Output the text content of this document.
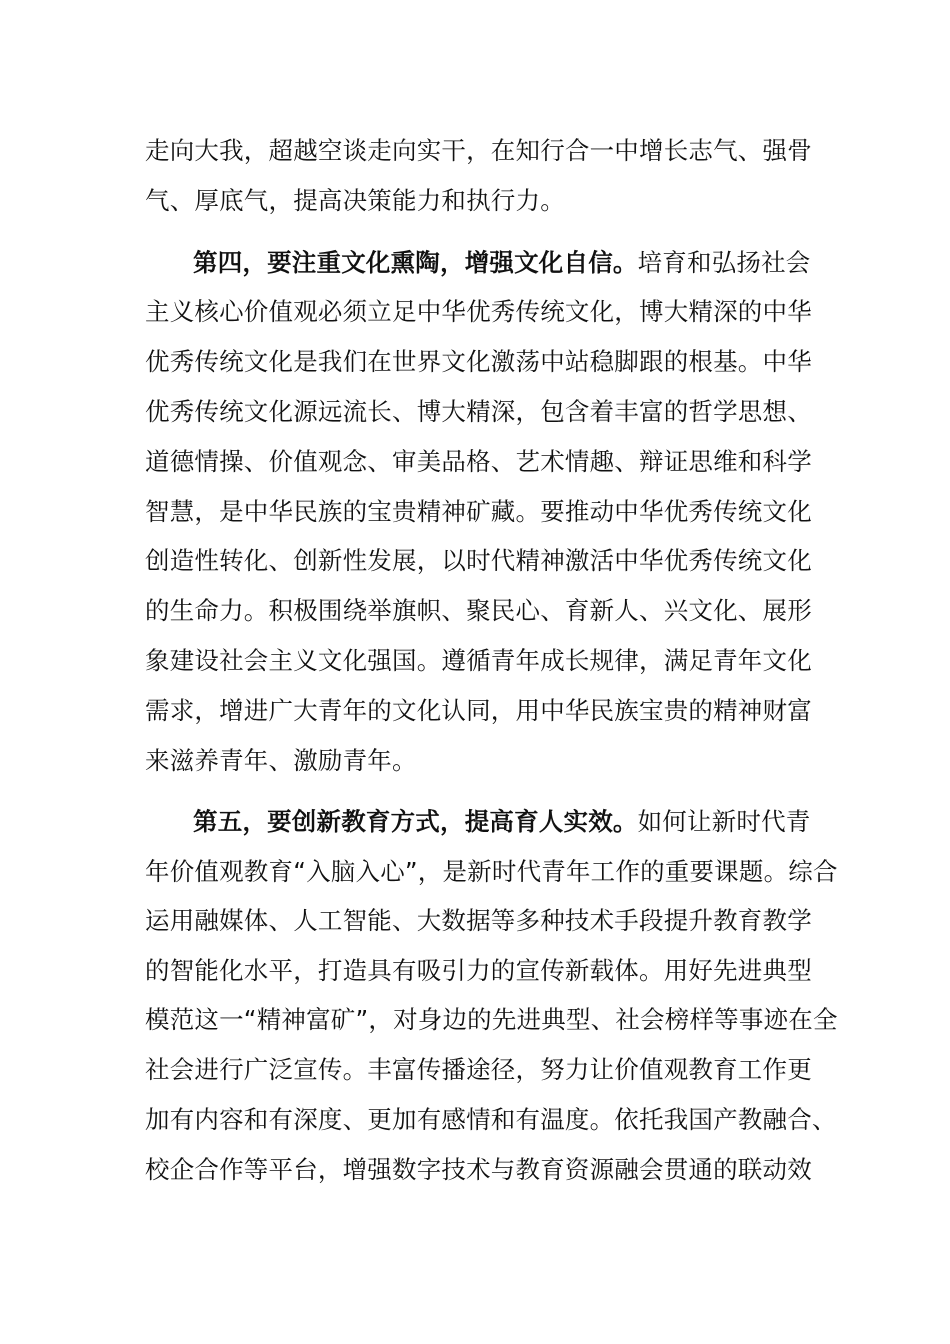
走向大我，超越空谈走向实干，在知行合一中增长志气、强骨
气、厚底气，提高决策能力和执行力。
第四，要注重文化熏陶，增强文化自信。培育和弘扬社会
主义核心价值观必须立足中华优秀传统文化，博大精深的中华
优秀传统文化是我们在世界文化激荡中站稳脚跟的根基。中华
优秀传统文化源远流长、博大精深，包含着丰富的哲学思想、
道德情操、价值观念、审美品格、艺术情趣、辩证思维和科学
智慧，是中华民族的宝贵精神矿藏。要推动中华优秀传统文化
创造性转化、创新性发展，以时代精神激活中华优秀传统文化
的生命力。积极围绕举旗帜、聚民心、育新人、兴文化、展形
象建设社会主义文化强国。遵循青年成长规律，满足青年文化
需求，增进广大青年的文化认同，用中华民族宝贵的精神财富
来滋养青年、激励青年。
第五，要创新教育方式，提高育人实效。如何让新时代青
年价值观教育“入脑入心”，是新时代青年工作的重要课题。综合
运用融媒体、人工智能、大数据等多种技术手段提升教育教学
的智能化水平，打造具有吸引力的宣传新载体。用好先进典型
模范这一“精神富矿”，对身边的先进典型、社会榜样等事迹在全
社会进行广泛宣传。丰富传播途径，努力让价值观教育工作更
加有内容和有深度、更加有感情和有温度。依托我国产教融合、
校企合作等平台，增强数字技术与教育资源融会贯通的联动效
